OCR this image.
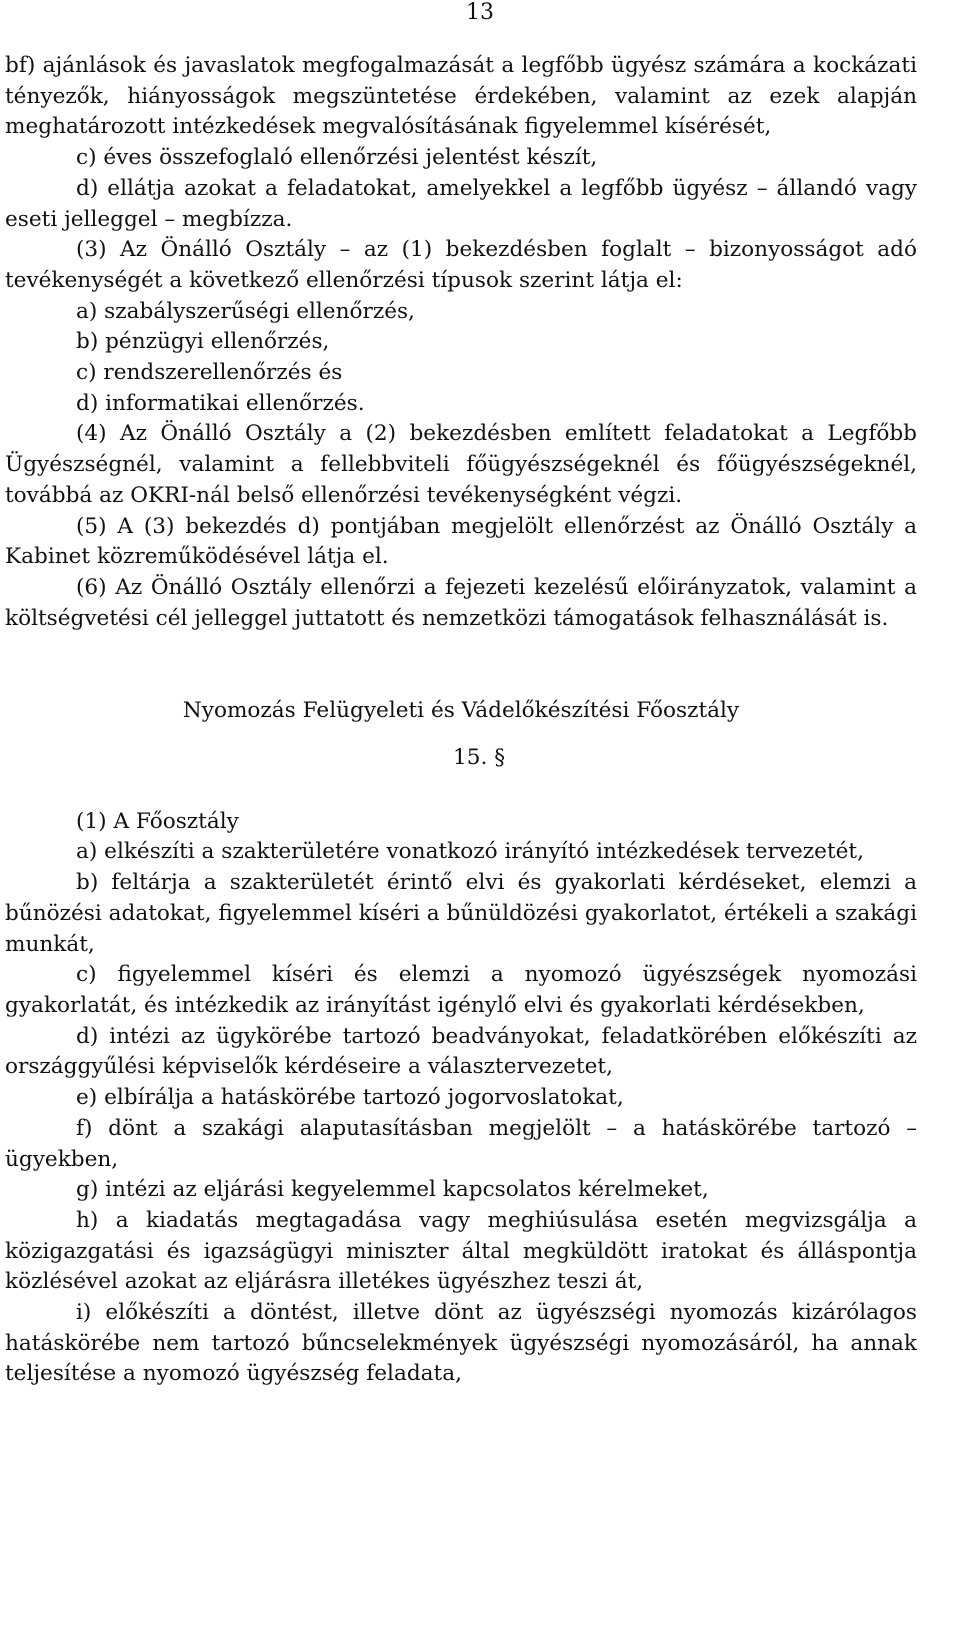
13

bf) ajánlások és javaslatok megfogalmazását a legfőbb ügyész számára a kockázati tényezők, hiányosságok megszüntetése érdekében, valamint az ezek alapján meghatározott intézkedések megvalósításának figyelemmel kísérését,

c) éves összefoglaló ellenőrzési jelentést készít,

d) ellátja azokat a feladatokat, amelyekkel a legfőbb ügyész – állandó vagy eseti jelleggel – megbízza.

(3) Az Önálló Osztály – az (1) bekezdésben foglalt – bizonyosságot adó tevékenységét a következő ellenőrzési típusok szerint látja el:

a) szabályszerűségi ellenőrzés,

b) pénzügyi ellenőrzés,

c) rendszerellenőrzés és

d) informatikai ellenőrzés.

(4) Az Önálló Osztály a (2) bekezdésben említett feladatokat a Legfőbb Ügyészségnél, valamint a fellebbviteli főügyészségeknél és főügyészségeknél, továbbá az OKRI-nál belső ellenőrzési tevékenységként végzi.

(5) A (3) bekezdés d) pontjában megjelölt ellenőrzést az Önálló Osztály a Kabinet közreműködésével látja el.

(6) Az Önálló Osztály ellenőrzi a fejezeti kezelésű előirányzatok, valamint a költségvetési cél jelleggel juttatott és nemzetközi támogatások felhasználását is.

Nyomozás Felügyeleti és Vádelőkészítési Főosztály

15. §

(1) A Főosztály

a) elkészíti a szakterületére vonatkozó irányító intézkedések tervezetét,

b) feltárja a szakterületét érintő elvi és gyakorlati kérdéseket, elemzi a bűnözési adatokat, figyelemmel kíséri a bűnüldözési gyakorlatot, értékeli a szakági munkát,

c) figyelemmel kíséri és elemzi a nyomozó ügyészségek nyomozási gyakorlatát, és intézkedik az irányítást igénylő elvi és gyakorlati kérdésekben,

d) intézi az ügykörébe tartozó beadványokat, feladatkörében előkészíti az országgyűlési képviselők kérdéseire a választervezetet,

e) elbírálja a hatáskörébe tartozó jogorvoslatokat,

f) dönt a szakági alaputasításban megjelölt – a hatáskörébe tartozó – ügyekben,

g) intézi az eljárási kegyelemmel kapcsolatos kérelmeket,

h) a kiadatás megtagadása vagy meghiúsulása esetén megvizsgálja a közigazgatási és igazságügyi miniszter által megküldött iratokat és álláspontja közlésével azokat az eljárásra illetékes ügyészhez teszi át,

i) előkészíti a döntést, illetve dönt az ügyészségi nyomozás kizárólagos hatáskörébe nem tartozó bűncselekmények ügyészségi nyomozásáról, ha annak teljesítése a nyomozó ügyészség feladata,
